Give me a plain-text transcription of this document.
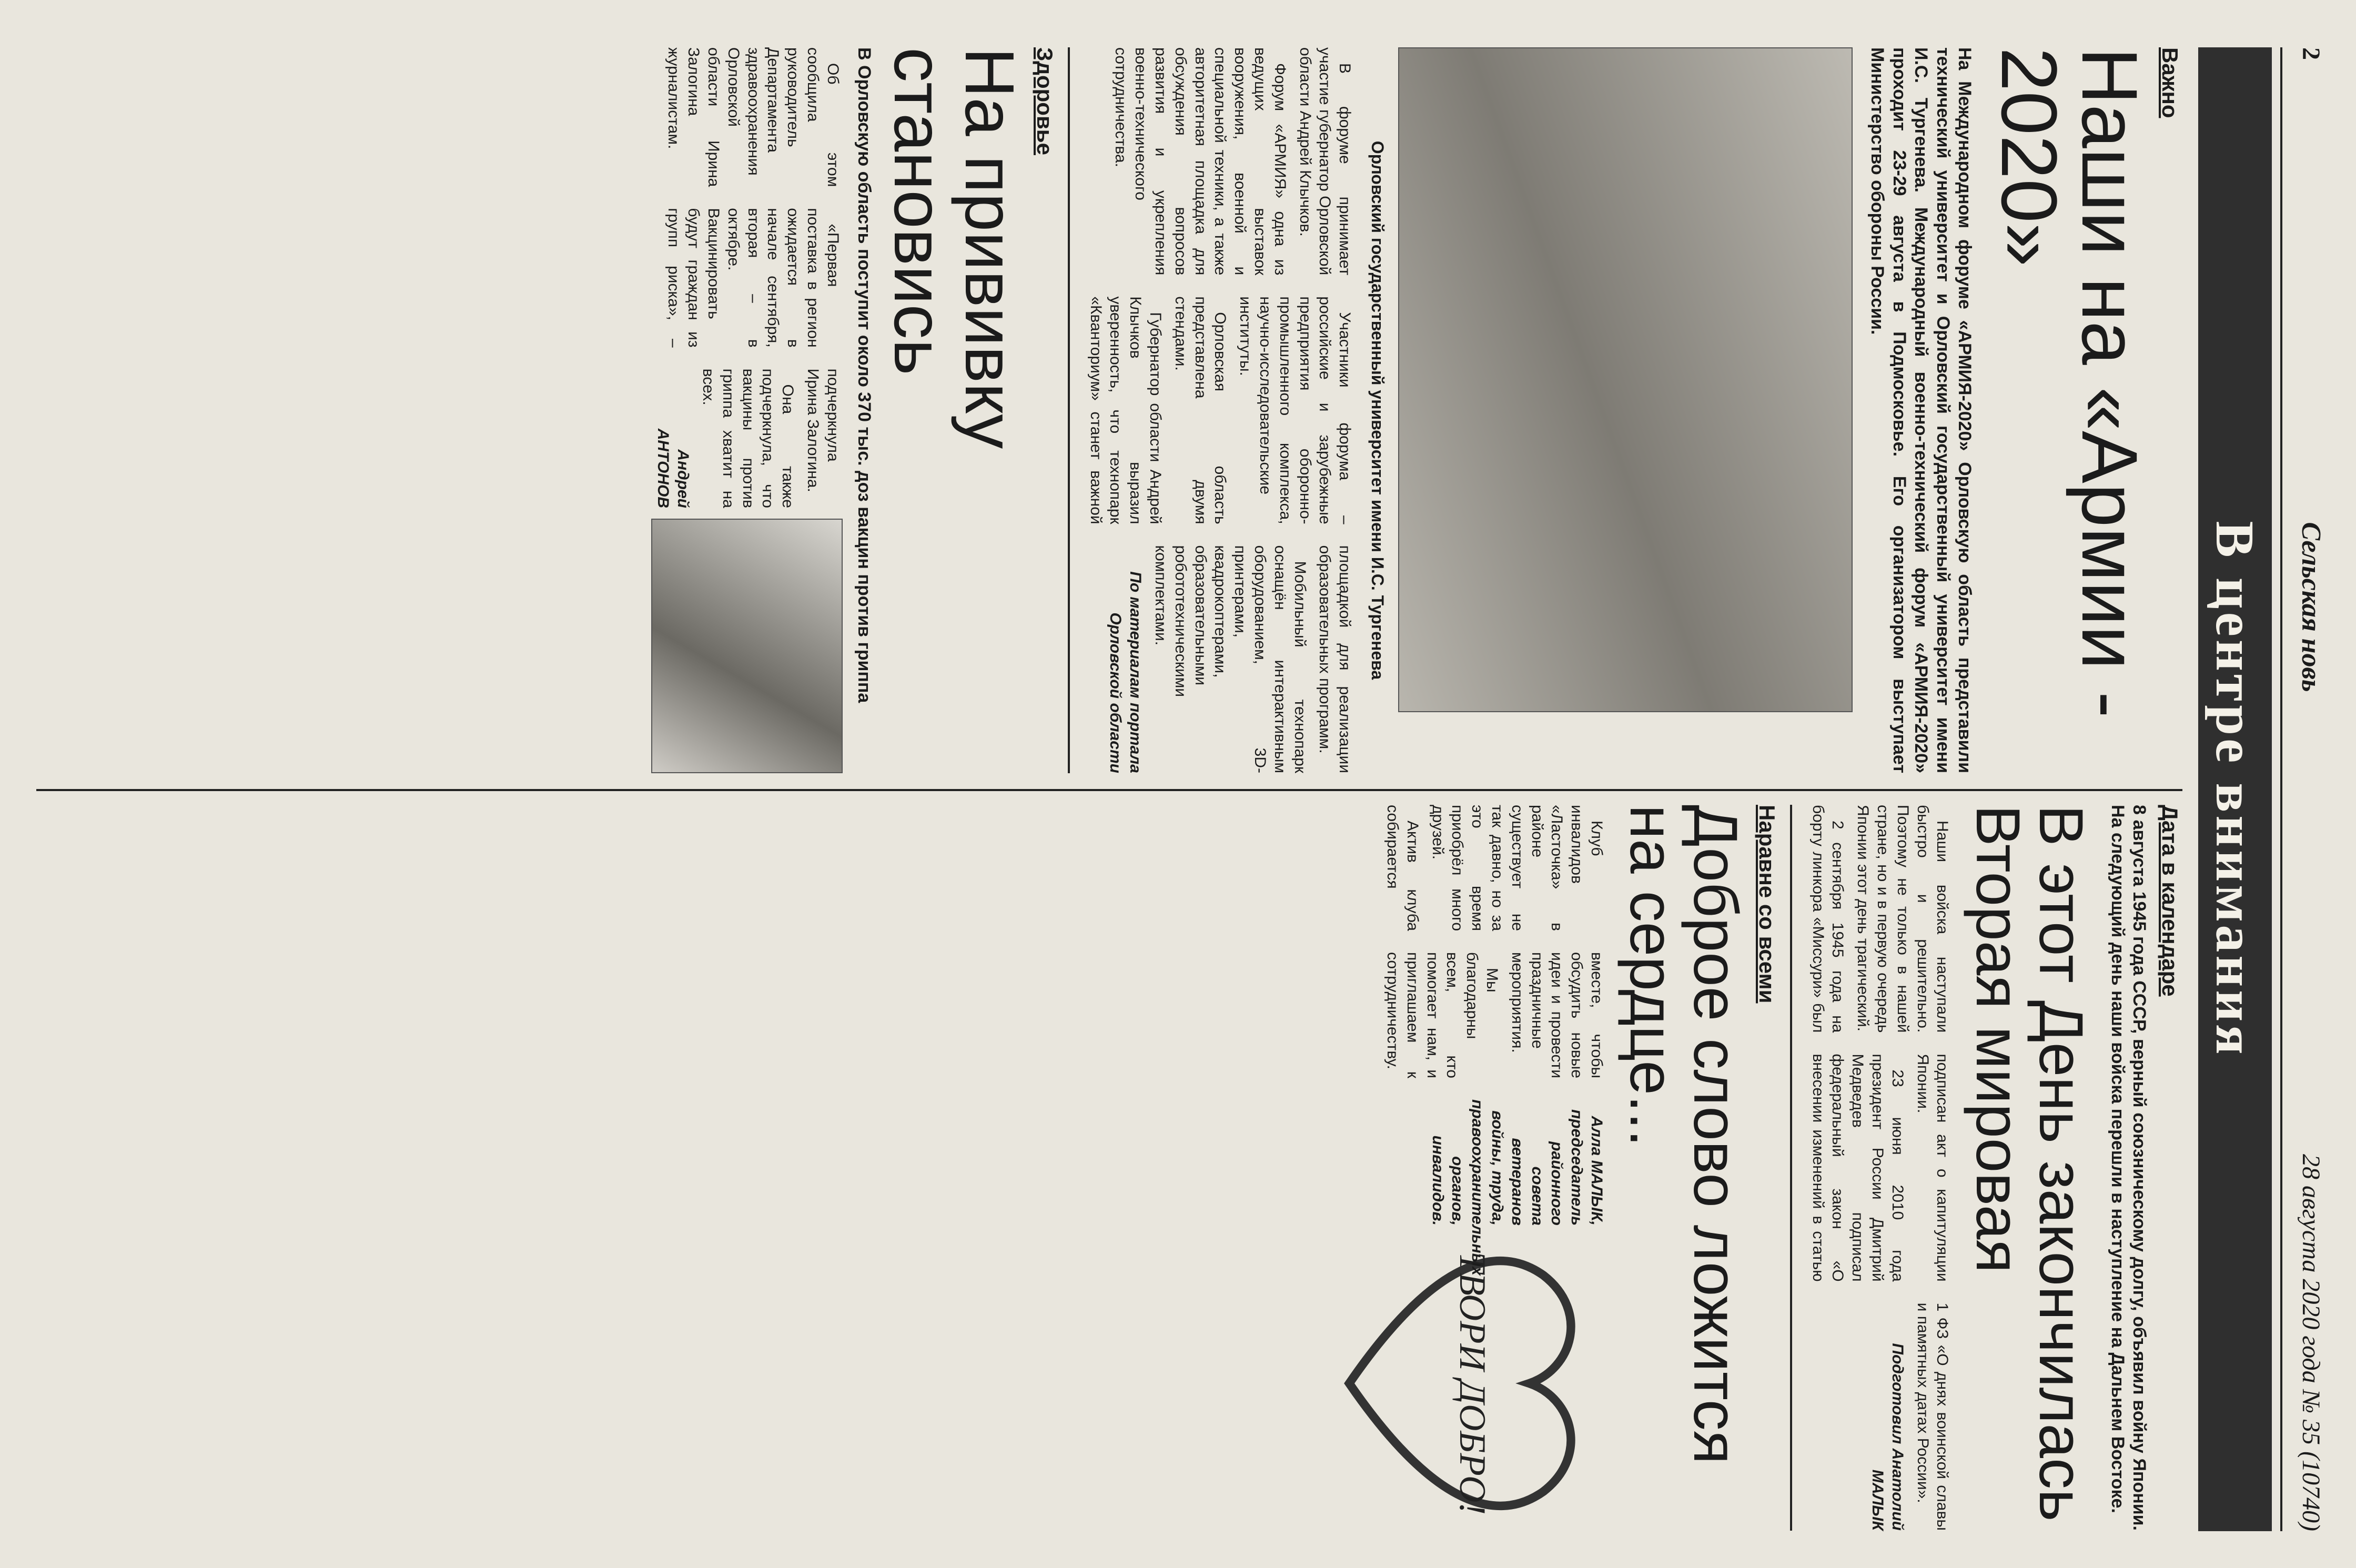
2
Сельская новь
28 августа 2020 года № 35 (10740)
В центре внимания
Важно
Наши на «Армии - 2020»
На Международном форуме «АРМИЯ-2020» Орловскую область представили технический университет и Орловский государственный университет имени И.С. Тургенева. Международный военно-технический форум «АРМИЯ-2020» проходит 23-29 августа в Подмосковье. Его организатором выступает Министерство обороны России.
Орловский государственный университет имени И.С. Тургенева

В форуме принимает участие губернатор Орловской области Андрей Клычков.

Форум «АРМИЯ» одна из ведущих выставок вооружения, военной и специальной техники, а также авторитетная площадка для обсуждения вопросов развития и укрепления военно-технического сотрудничества.

Участники форума – российские и зарубежные предприятия оборонно-промышленного комплекса, научно-исследовательские институты.

Орловская область представлена двумя стендами.

Губернатор области Андрей Клычков выразил уверенность, что технопарк «Кванториум» станет важной площадкой для реализации образовательных программ.

Мобильный технопарк оснащён интерактивным оборудованием, 3D-принтерами, квадрокоптерами, образовательными робототехническими комплектами.

По материалам портала Орловской области
Здоровье
На прививку становись
В Орловскую область поступит около 370 тыс. доз вакцин против гриппа

Об этом сообщила руководитель Департамента здравоохранения Орловской области Ирина Залогина журналистам.

«Первая поставка в регион ожидается в начале сентября, вторая – в октябре. Вакцинировать будут граждан из групп риска», – подчеркнула Ирина Залогина.

Она также подчеркнула, что вакцины против гриппа хватит на всех.

Андрей АНТОНОВ
Дата в календаре
8 августа 1945 года СССР, верный союзническому долгу, объявил войну Японии. На следующий день наши войска перешли в наступление на Дальнем Востоке.
В этот День закончилась Вторая мировая

Наши войска наступали быстро и решительно. Поэтому не только в нашей стране, но и в первую очередь Японии этот день трагический.

2 сентября 1945 года на борту линкора «Миссури» был подписан акт о капитуляции Японии.

23 июня 2010 года президент России Дмитрий Медведев подписал федеральный закон «О внесении изменений в статью 1 ФЗ «О днях воинской славы и памятных датах России».

Подготовил Анатолий МАЛЫК
Наравне со всеми
Доброе слово ложится на сердце...
ТВОРИ ДОБРО!

Клуб инвалидов «Ласточка» в районе существует не так давно, но за это время приобрёл много друзей.

Актив клуба собирается вместе, чтобы обсудить новые идеи и провести праздничные мероприятия.

Мы благодарны всем, кто помогает нам, и приглашаем к сотрудничеству.

Алла МАЛЫК, председатель районного совета ветеранов войны, труда, правоохранительных органов, инвалидов.
